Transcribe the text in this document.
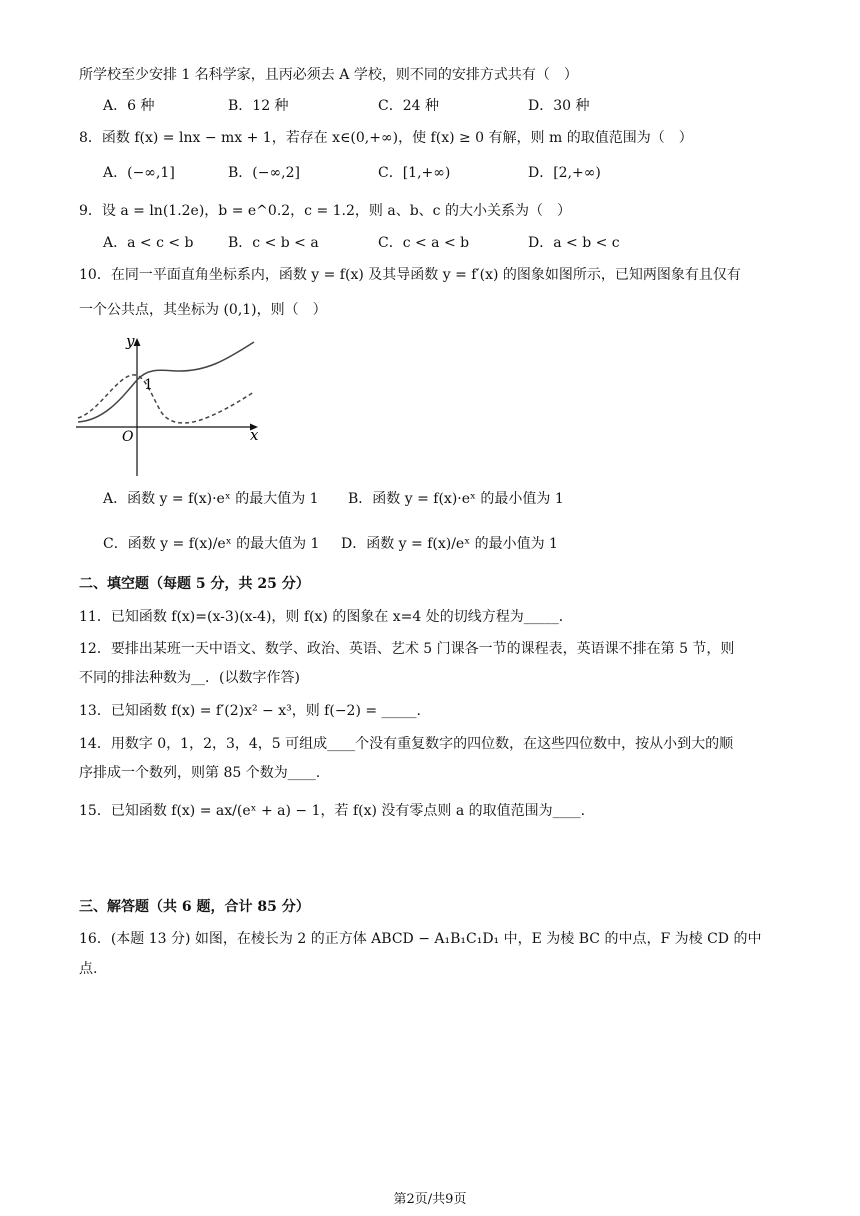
所学校至少安排 1 名科学家，且丙必须去 A 学校，则不同的安排方式共有（　）
A．6 种	B．12 种	C．24 种	D．30 种
8．函数 f(x) = lnx − mx + 1，若存在 x∈(0,+∞)，使 f(x) ≥ 0 有解，则 m 的取值范围为（　）
A．(−∞,1]	B．(−∞,2]	C．[1,+∞)	D．[2,+∞)
9．设 a = ln(1.2e)，b = e^0.2，c = 1.2，则 a、b、c 的大小关系为（　）
A．a < c < b B．c < b < a	C．c < a < b	D．a < b < c
10．在同一平面直角坐标系内，函数 y = f(x) 及其导函数 y = f′(x) 的图象如图所示，已知两图象有且仅有
一个公共点，其坐标为 (0,1)，则（　）
y
x
O
1
A．函数 y = f(x)·eˣ 的最大值为 1 B．函数 y = f(x)·eˣ 的最小值为 1
C．函数 y = f(x)/eˣ 的最大值为 1 D．函数 y = f(x)/eˣ 的最小值为 1
二、填空题（每题 5 分，共 25 分）
11．已知函数 f(x)=(x-3)(x-4)，则 f(x) 的图象在 x=4 处的切线方程为_____．
12．要排出某班一天中语文、数学、政治、英语、艺术 5 门课各一节的课程表，英语课不排在第 5 节，则
不同的排法种数为__．(以数字作答)
13．已知函数 f(x) = f′(2)x² − x³，则 f(−2) = _____.
14．用数字 0，1，2，3，4，5 可组成____个没有重复数字的四位数，在这些四位数中，按从小到大的顺
序排成一个数列，则第 85 个数为____.
15．已知函数 f(x) = ax/(eˣ + a) − 1，若 f(x) 没有零点则 a 的取值范围为____.
三、解答题（共 6 题，合计 85 分）
16．(本题 13 分) 如图，在棱长为 2 的正方体 ABCD − A₁B₁C₁D₁ 中，E 为棱 BC 的中点，F 为棱 CD 的中
点.
第2页/共9页
